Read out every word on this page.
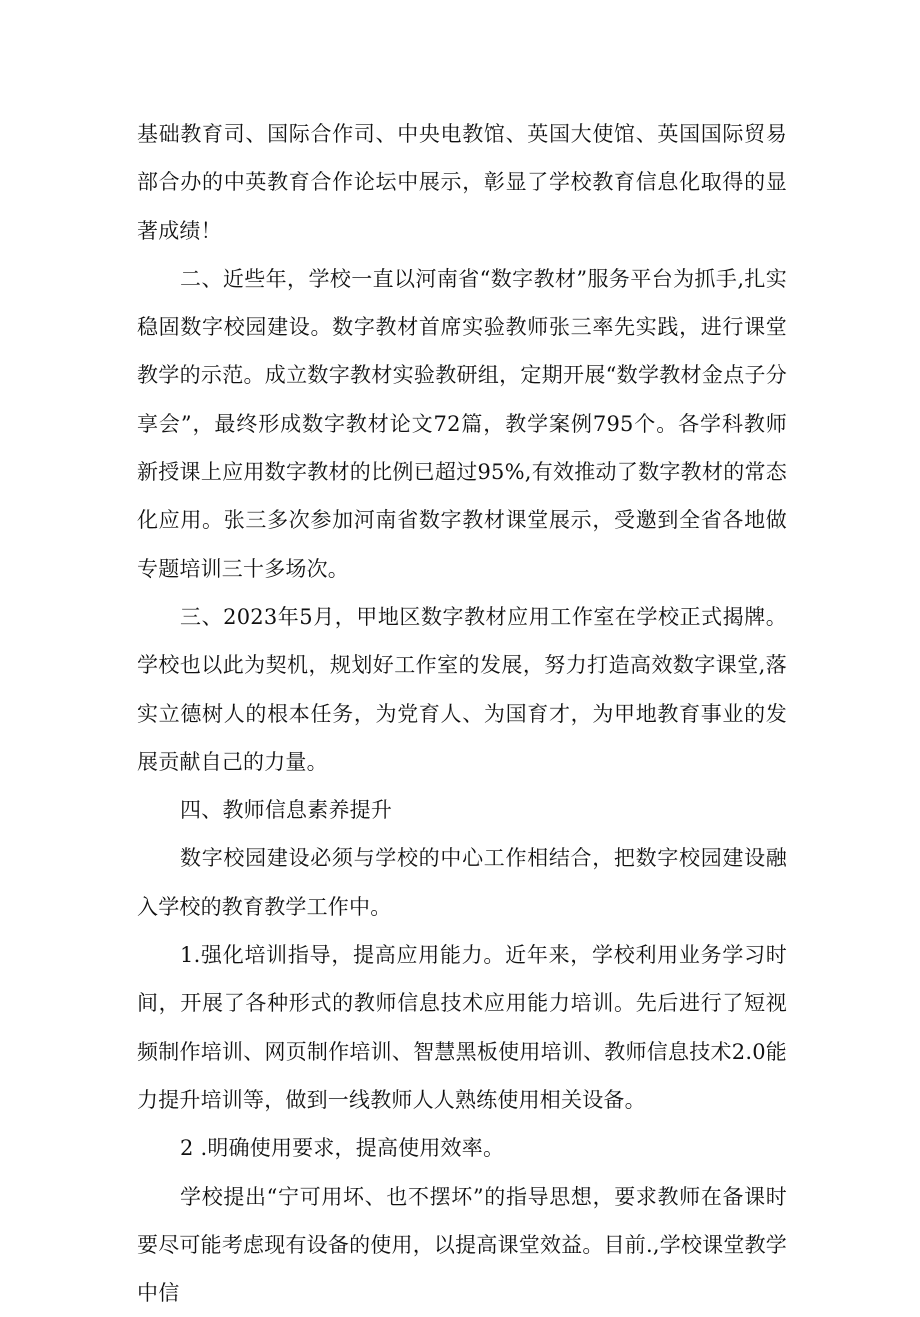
基础教育司、国际合作司、中央电教馆、英国大使馆、英国国际贸易部合办的中英教育合作论坛中展示，彰显了学校教育信息化取得的显著成绩！

二、近些年，学校一直以河南省“数字教材”服务平台为抓手,扎实稳固数字校园建设。数字教材首席实验教师张三率先实践，进行课堂教学的示范。成立数字教材实验教研组，定期开展“数学教材金点子分享会”，最终形成数字教材论文72篇，教学案例795个。各学科教师新授课上应用数字教材的比例已超过95%,有效推动了数字教材的常态化应用。张三多次参加河南省数字教材课堂展示，受邀到全省各地做专题培训三十多场次。

三、2023年5月，甲地区数字教材应用工作室在学校正式揭牌。学校也以此为契机，规划好工作室的发展，努力打造高效数字课堂,落实立德树人的根本任务，为党育人、为国育才，为甲地教育事业的发展贡献自己的力量。

四、教师信息素养提升

数字校园建设必须与学校的中心工作相结合，把数字校园建设融入学校的教育教学工作中。

1.强化培训指导，提高应用能力。近年来，学校利用业务学习时间，开展了各种形式的教师信息技术应用能力培训。先后进行了短视频制作培训、网页制作培训、智慧黑板使用培训、教师信息技术2.0能力提升培训等，做到一线教师人人熟练使用相关设备。

2 .明确使用要求，提高使用效率。

学校提出“宁可用坏、也不摆坏”的指导思想，要求教师在备课时要尽可能考虑现有设备的使用，以提高课堂效益。目前.,学校课堂教学中信
